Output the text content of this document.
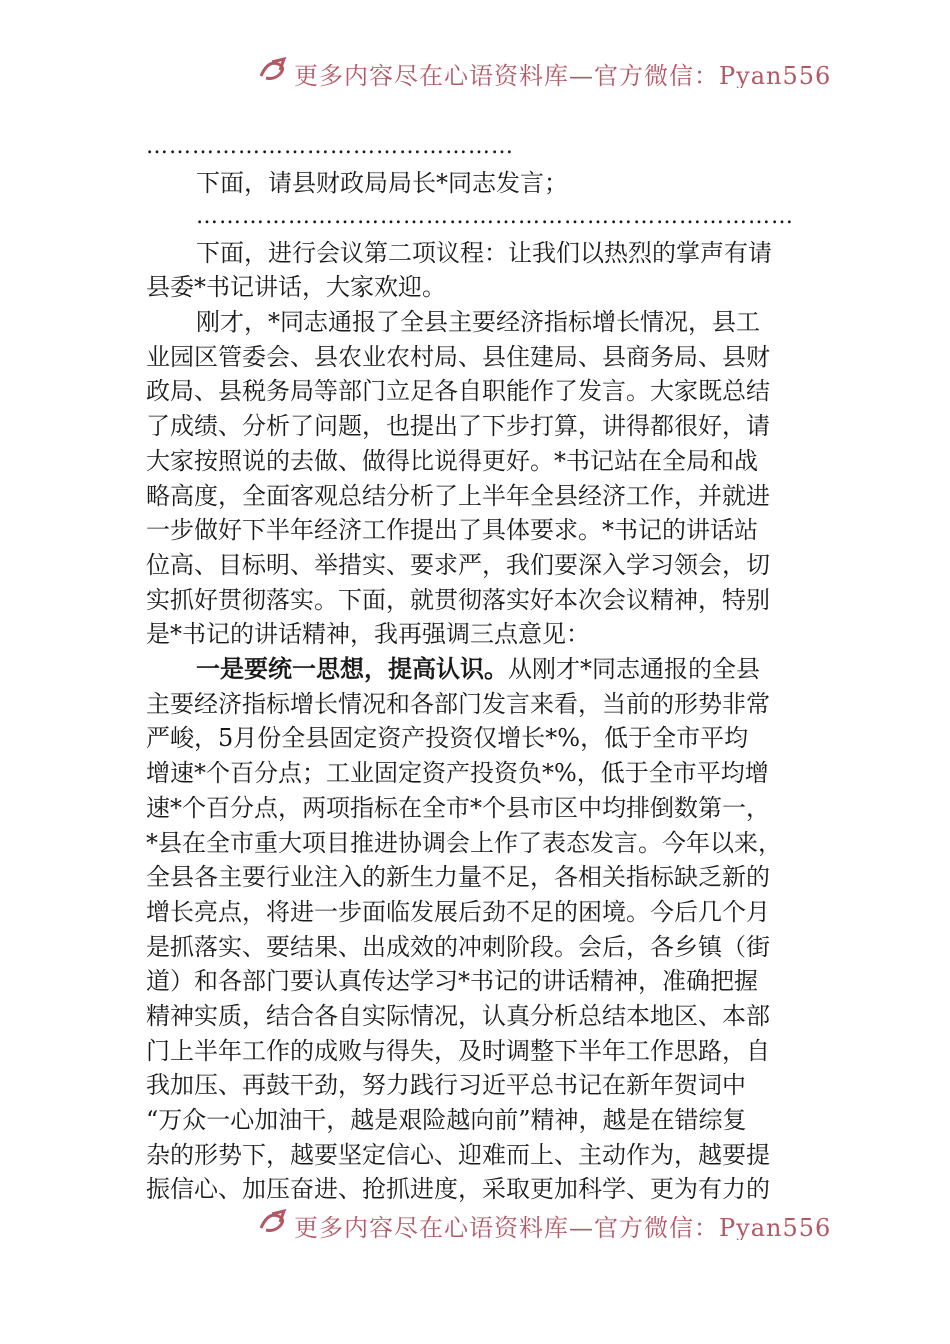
更多内容尽在心语资料库—官方微信：Pyan556
更多内容尽在心语资料库—官方微信：Pyan556
…………………………………………
下面，请县财政局局长*同志发言；
……………………………………………………………………
下面，进行会议第二项议程：让我们以热烈的掌声有请
县委*书记讲话，大家欢迎。
刚才，*同志通报了全县主要经济指标增长情况，县工
业园区管委会、县农业农村局、县住建局、县商务局、县财
政局、县税务局等部门立足各自职能作了发言。大家既总结
了成绩、分析了问题，也提出了下步打算，讲得都很好，请
大家按照说的去做、做得比说得更好。*书记站在全局和战
略高度，全面客观总结分析了上半年全县经济工作，并就进
一步做好下半年经济工作提出了具体要求。*书记的讲话站
位高、目标明、举措实、要求严，我们要深入学习领会，切
实抓好贯彻落实。下面，就贯彻落实好本次会议精神，特别
是*书记的讲话精神，我再强调三点意见：
一是要统一思想，提高认识。从刚才*同志通报的全县
主要经济指标增长情况和各部门发言来看，当前的形势非常
严峻，5月份全县固定资产投资仅增长*%，低于全市平均
增速*个百分点；工业固定资产投资负*%，低于全市平均增
速*个百分点，两项指标在全市*个县市区中均排倒数第一，
*县在全市重大项目推进协调会上作了表态发言。今年以来，
全县各主要行业注入的新生力量不足，各相关指标缺乏新的
增长亮点，将进一步面临发展后劲不足的困境。今后几个月
是抓落实、要结果、出成效的冲刺阶段。会后，各乡镇（街
道）和各部门要认真传达学习*书记的讲话精神，准确把握
精神实质，结合各自实际情况，认真分析总结本地区、本部
门上半年工作的成败与得失，及时调整下半年工作思路，自
我加压、再鼓干劲，努力践行习近平总书记在新年贺词中
“万众一心加油干，越是艰险越向前”精神，越是在错综复
杂的形势下，越要坚定信心、迎难而上、主动作为，越要提
振信心、加压奋进、抢抓进度，采取更加科学、更为有力的
